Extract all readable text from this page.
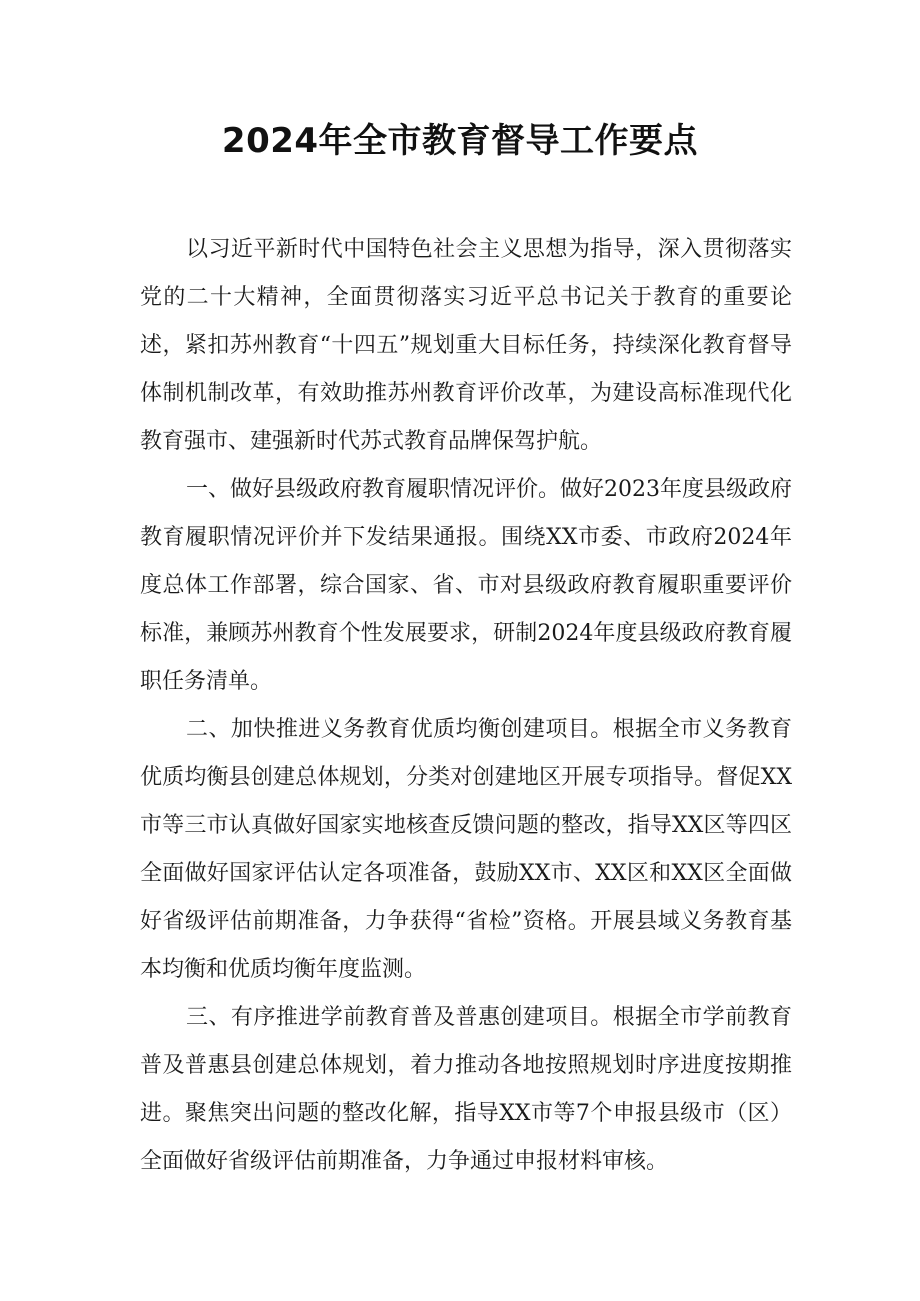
2024年全市教育督导工作要点

以习近平新时代中国特色社会主义思想为指导，深入贯彻落实党的二十大精神，全面贯彻落实习近平总书记关于教育的重要论述，紧扣苏州教育“十四五”规划重大目标任务，持续深化教育督导体制机制改革，有效助推苏州教育评价改革，为建设高标准现代化教育强市、建强新时代苏式教育品牌保驾护航。

一、做好县级政府教育履职情况评价。做好2023年度县级政府教育履职情况评价并下发结果通报。围绕XX市委、市政府2024年度总体工作部署，综合国家、省、市对县级政府教育履职重要评价标准，兼顾苏州教育个性发展要求，研制2024年度县级政府教育履职任务清单。

二、加快推进义务教育优质均衡创建项目。根据全市义务教育优质均衡县创建总体规划，分类对创建地区开展专项指导。督促XX市等三市认真做好国家实地核查反馈问题的整改，指导XX区等四区全面做好国家评估认定各项准备，鼓励XX市、XX区和XX区全面做好省级评估前期准备，力争获得“省检”资格。开展县域义务教育基本均衡和优质均衡年度监测。

三、有序推进学前教育普及普惠创建项目。根据全市学前教育普及普惠县创建总体规划，着力推动各地按照规划时序进度按期推进。聚焦突出问题的整改化解，指导XX市等7个申报县级市（区）全面做好省级评估前期准备，力争通过申报材料审核。
